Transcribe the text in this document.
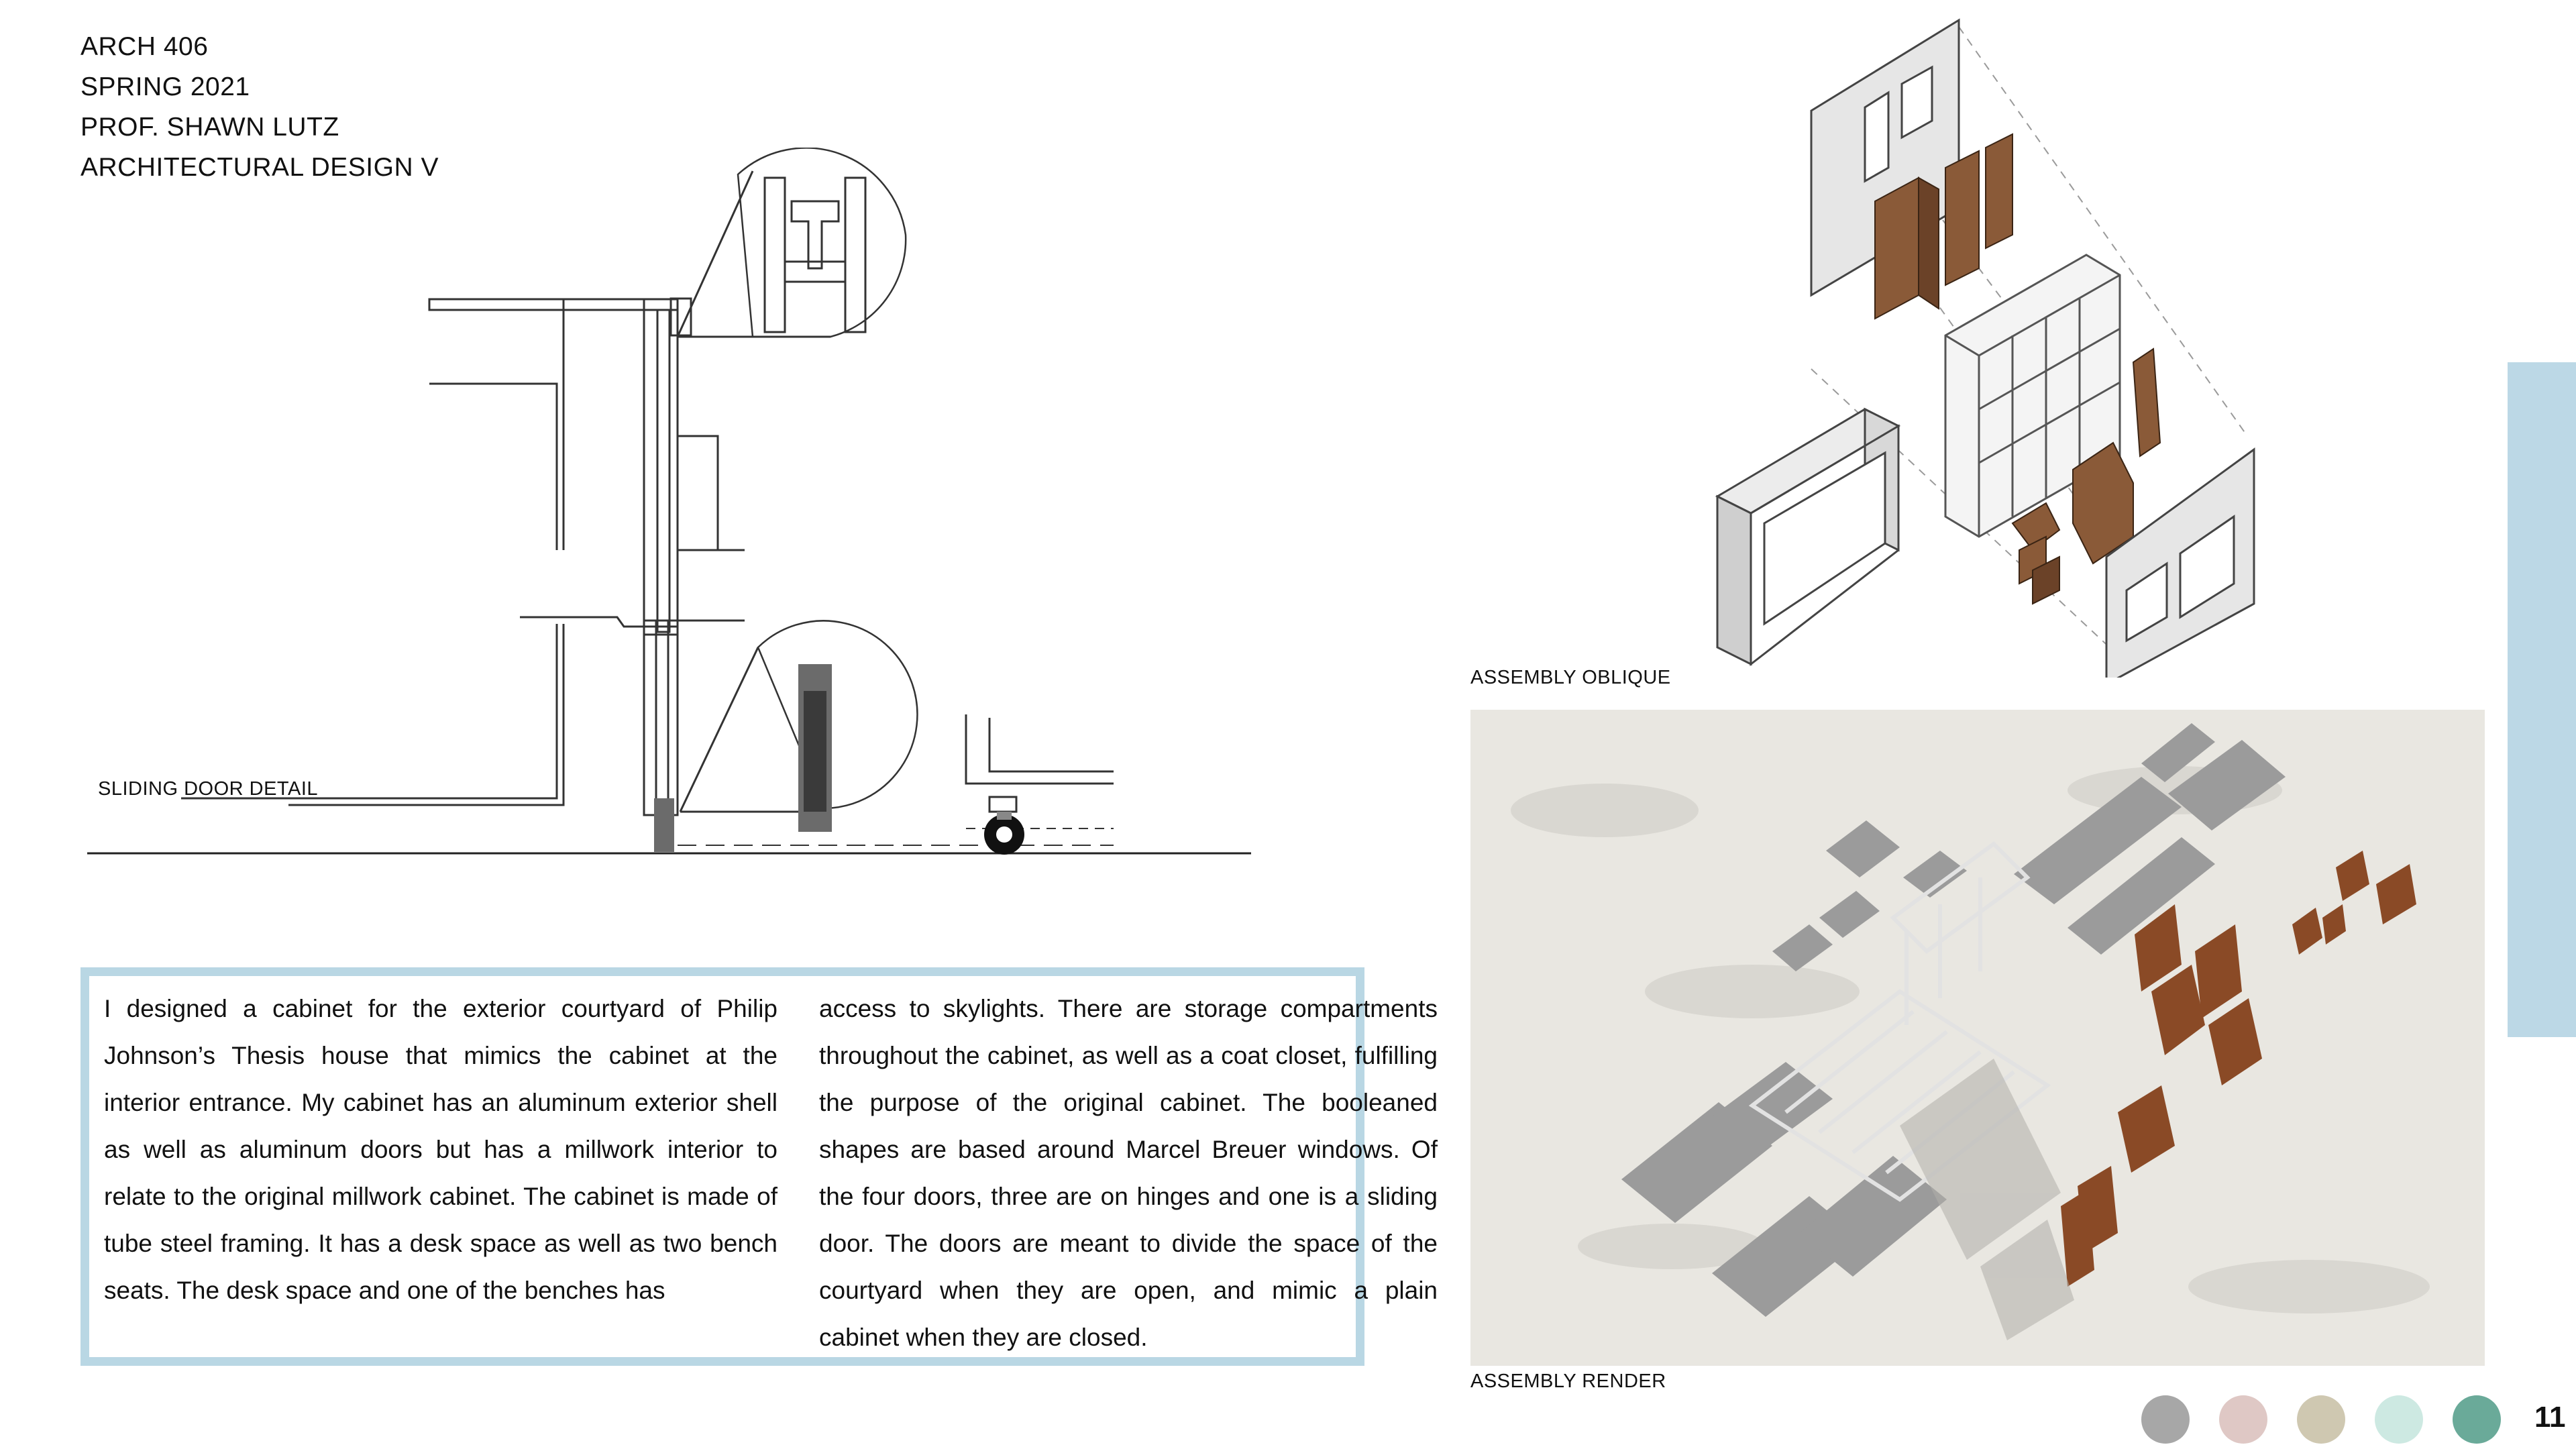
ARCH 406
SPRING 2021
PROF. SHAWN LUTZ
ARCHITECTURAL DESIGN V
SLIDING DOOR DETAIL
I designed a cabinet for the exterior courtyard of Philip Johnson’s Thesis house that mimics the cabinet at the interior entrance. My cabinet has an aluminum exterior shell as well as aluminum doors but has a millwork interior to relate to the original millwork cabinet. The cabinet is made of tube steel framing. It has a desk space as well as two bench seats. The desk space and one of the benches has
access to skylights. There are storage compartments throughout the cabinet, as well as a coat closet, fulfilling the purpose of the original cabinet. The booleaned shapes are based around Marcel Breuer windows. Of the four doors, three are on hinges and one is a sliding door. The doors are meant to divide the space of the courtyard when they are open, and mimic a plain cabinet when they are closed.
ASSEMBLY OBLIQUE
ASSEMBLY RENDER
11
